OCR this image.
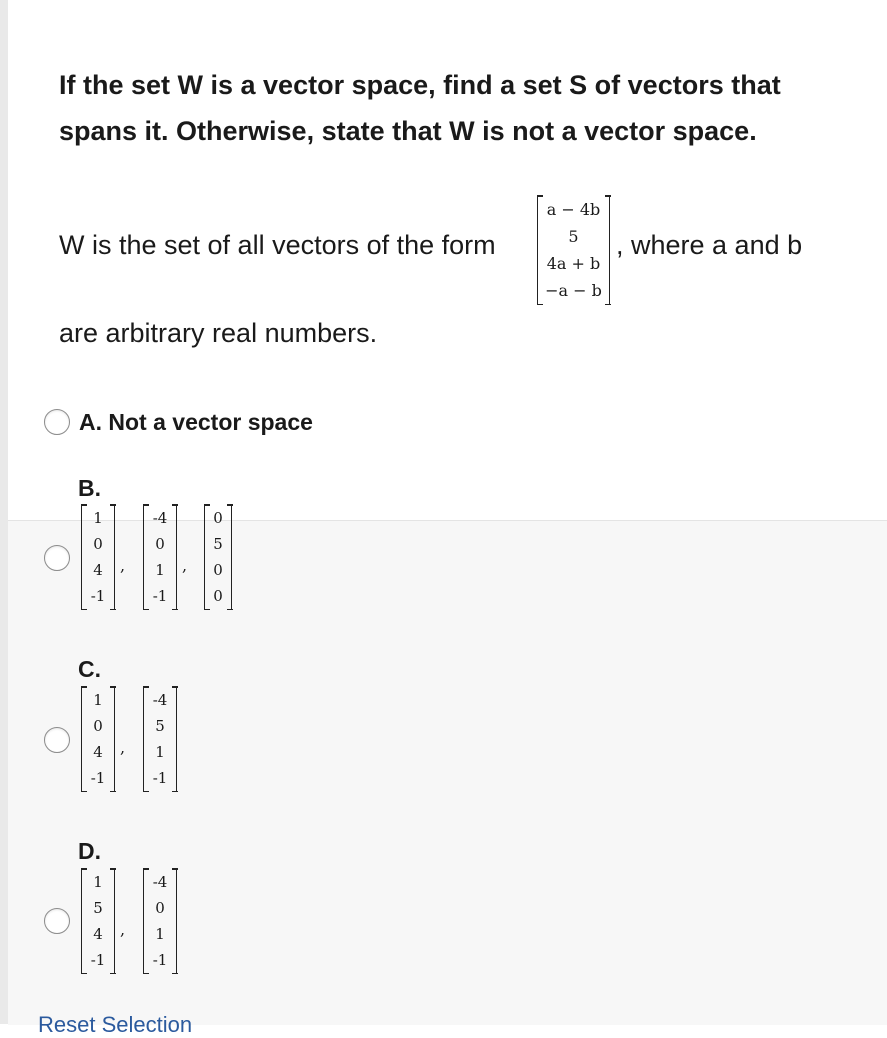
If the set W is a vector space, find a set S of vectors that spans it. Otherwise, state that W is not a vector space.
W is the set of all vectors of the form
a − 4b
5
4a + b
−a − b
, where a and b
are arbitrary real numbers.
A. Not a vector space
B.
1
0
4
-1
,
-4
0
1
-1
,
0
5
0
0
C.
1
0
4
-1
,
-4
5
1
-1
D.
1
5
4
-1
,
-4
0
1
-1
Reset Selection
